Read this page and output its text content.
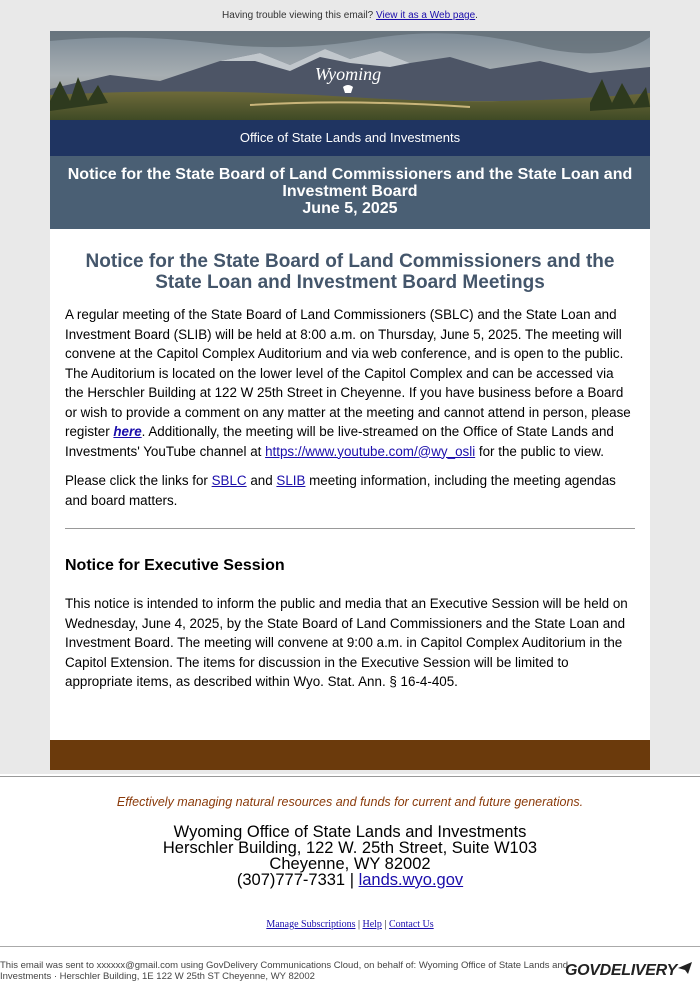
Having trouble viewing this email? View it as a Web page.
Wyoming
Office of State Lands and Investments
Notice for the State Board of Land Commissioners and the State Loan and Investment Board
June 5, 2025
Notice for the State Board of Land Commissioners and the State Loan and Investment Board Meetings

A regular meeting of the State Board of Land Commissioners (SBLC) and the State Loan and Investment Board (SLIB) will be held at 8:00 a.m. on Thursday, June 5, 2025. The meeting will convene at the Capitol Complex Auditorium and via web conference, and is open to the public. The Auditorium is located on the lower level of the Capitol Complex and can be accessed via the Herschler Building at 122 W 25th Street in Cheyenne. If you have business before a Board or wish to provide a comment on any matter at the meeting and cannot attend in person, please register here. Additionally, the meeting will be live-streamed on the Office of State Lands and Investments' YouTube channel at https://www.youtube.com/@wy_osli for the public to view.

Please click the links for SBLC and SLIB meeting information, including the meeting agendas and board matters.

Notice for Executive Session

This notice is intended to inform the public and media that an Executive Session will be held on Wednesday, June 4, 2025, by the State Board of Land Commissioners and the State Loan and Investment Board. The meeting will convene at 9:00 a.m. in Capitol Complex Auditorium in the Capitol Extension. The items for discussion in the Executive Session will be limited to appropriate items, as described within Wyo. Stat. Ann. § 16-4-405.

Effectively managing natural resources and funds for current and future generations.
Wyoming Office of State Lands and Investments
Herschler Building, 122 W. 25th Street, Suite W103
Cheyenne, WY 82002
(307)777-7331 | lands.wyo.gov
Manage Subscriptions | Help | Contact Us
This email was sent to xxxxxx@gmail.com using GovDelivery Communications Cloud, on behalf of: Wyoming Office of State Lands and Investments · Herschler Building, 1E 122 W 25th ST Cheyenne, WY 82002	GOVDELIVERY
